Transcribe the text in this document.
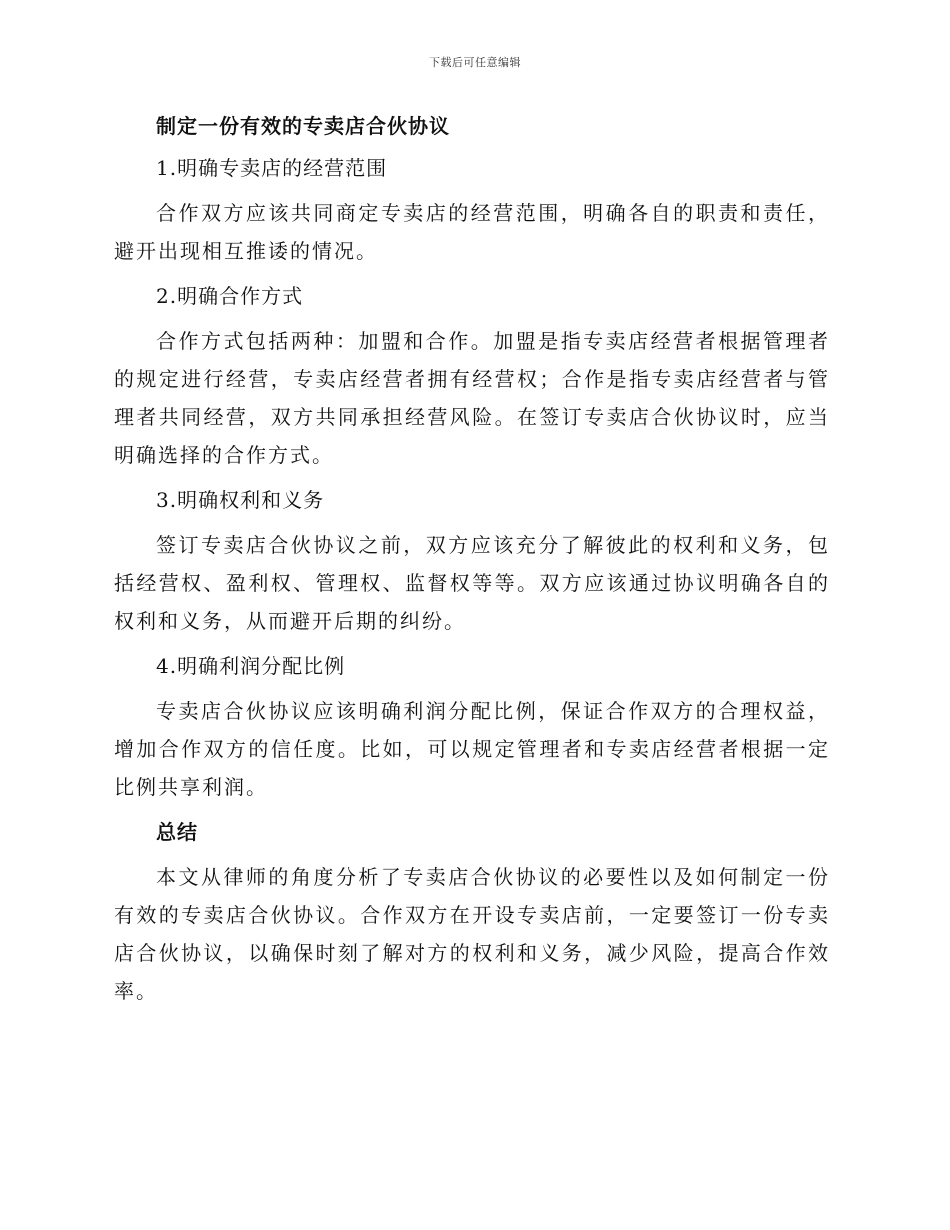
下载后可任意编辑
制定一份有效的专卖店合伙协议
1.明确专卖店的经营范围
合作双方应该共同商定专卖店的经营范围，明确各自的职责和责任，避开出现相互推诿的情况。
2.明确合作方式
合作方式包括两种：加盟和合作。加盟是指专卖店经营者根据管理者的规定进行经营，专卖店经营者拥有经营权；合作是指专卖店经营者与管理者共同经营，双方共同承担经营风险。在签订专卖店合伙协议时，应当明确选择的合作方式。
3.明确权利和义务
签订专卖店合伙协议之前，双方应该充分了解彼此的权利和义务，包括经营权、盈利权、管理权、监督权等等。双方应该通过协议明确各自的权利和义务，从而避开后期的纠纷。
4.明确利润分配比例
专卖店合伙协议应该明确利润分配比例，保证合作双方的合理权益，增加合作双方的信任度。比如，可以规定管理者和专卖店经营者根据一定比例共享利润。
总结
本文从律师的角度分析了专卖店合伙协议的必要性以及如何制定一份有效的专卖店合伙协议。合作双方在开设专卖店前，一定要签订一份专卖店合伙协议，以确保时刻了解对方的权利和义务，减少风险，提高合作效率。
